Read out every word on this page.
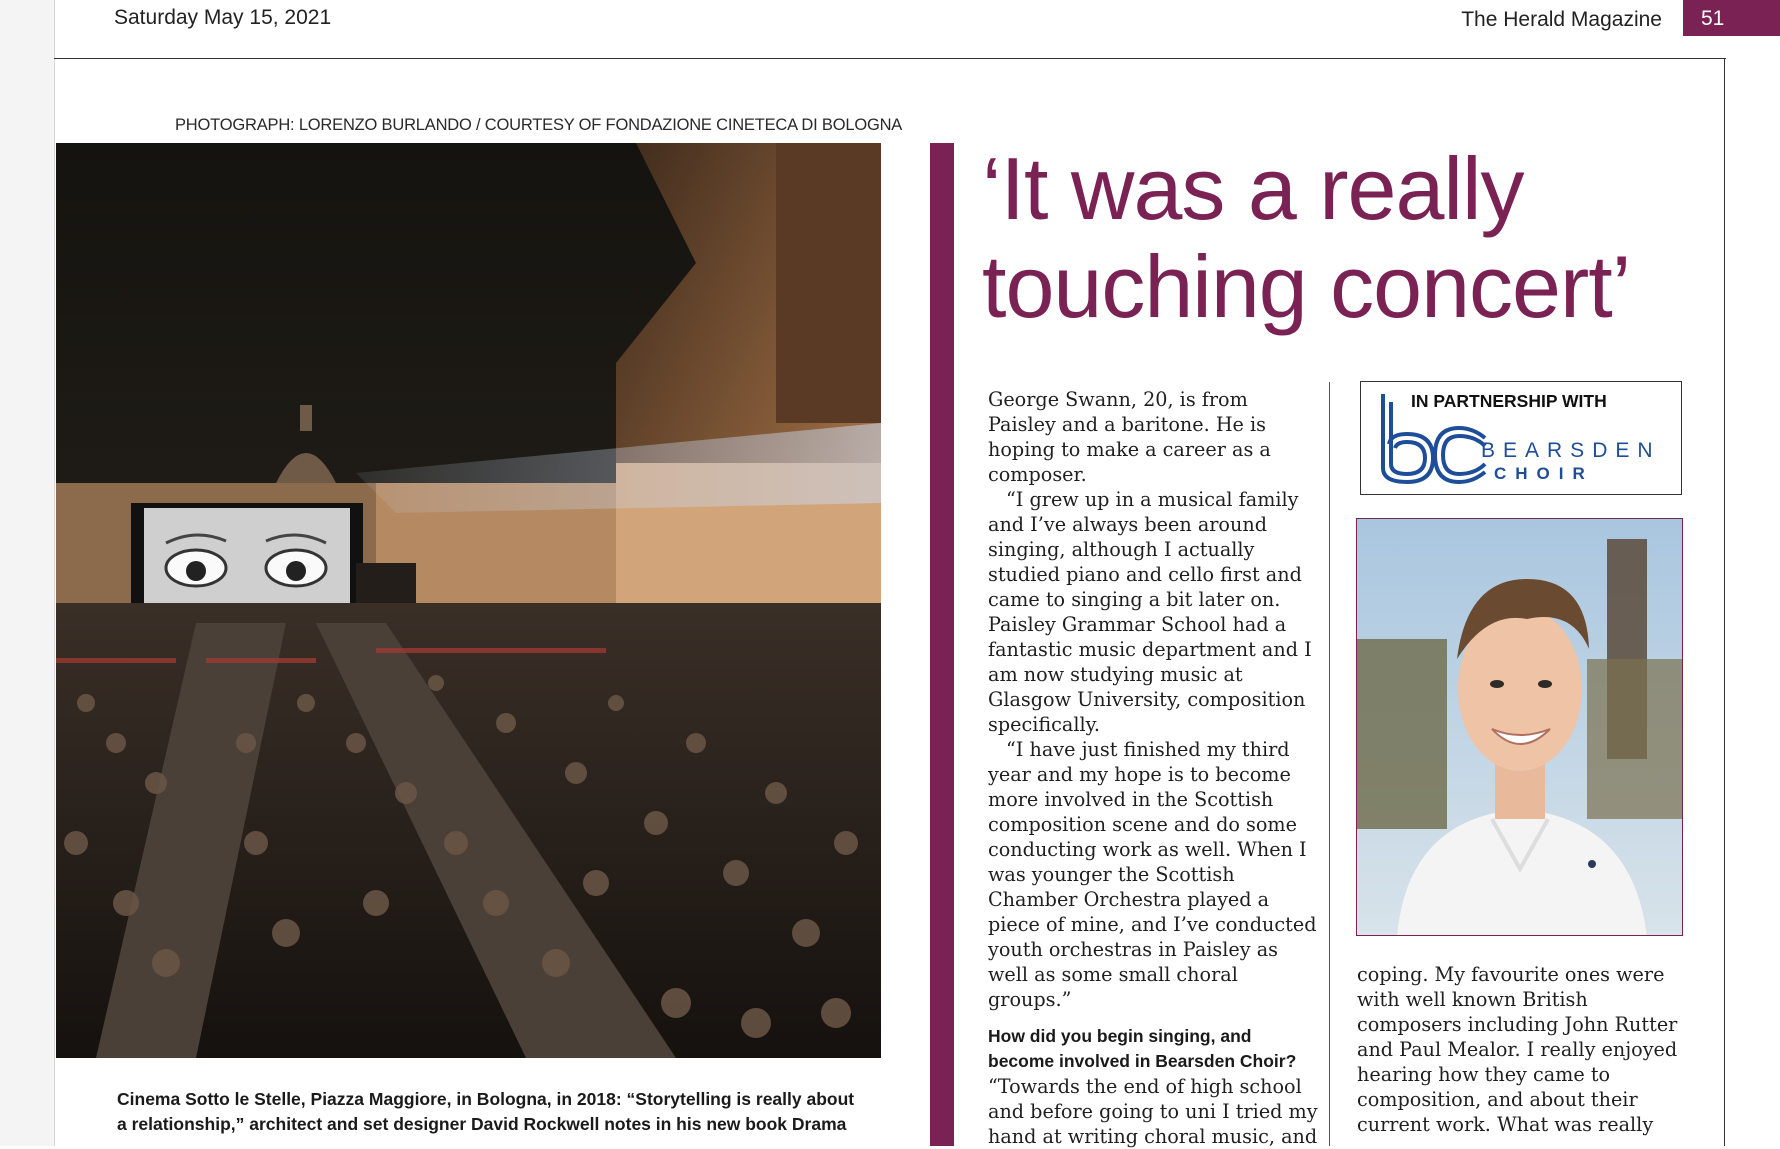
Saturday May 15, 2021	The Herald Magazine	51
PHOTOGRAPH: LORENZO BURLANDO / COURTESY OF FONDAZIONE CINETECA DI BOLOGNA
Cinema Sotto le Stelle, Piazza Maggiore, in Bologna, in 2018: “Storytelling is really about a relationship,” architect and set designer David Rockwell notes in his new book Drama
‘It was a really
touching concert’

George Swann, 20, is from Paisley and a baritone. He is hoping to make a career as a composer.

“I grew up in a musical family and I’ve always been around singing, although I actually studied piano and cello first and came to singing a bit later on. Paisley Grammar School had a fantastic music department and I am now studying music at Glasgow University, composition specifically.

“I have just finished my third year and my hope is to become more involved in the Scottish composition scene and do some conducting work as well. When I was younger the Scottish Chamber Orchestra played a piece of mine, and I’ve conducted youth orchestras in Paisley as well as some small choral groups.”

How did you begin singing, and become involved in Bearsden Choir?

“Towards the end of high school and before going to uni I tried my hand at writing choral music, and

IN PARTNERSHIP WITH
BEARSDEN
CHOIR

coping. My favourite ones were with well known British composers including John Rutter and Paul Mealor. I really enjoyed hearing how they came to composition, and about their current work. What was really
